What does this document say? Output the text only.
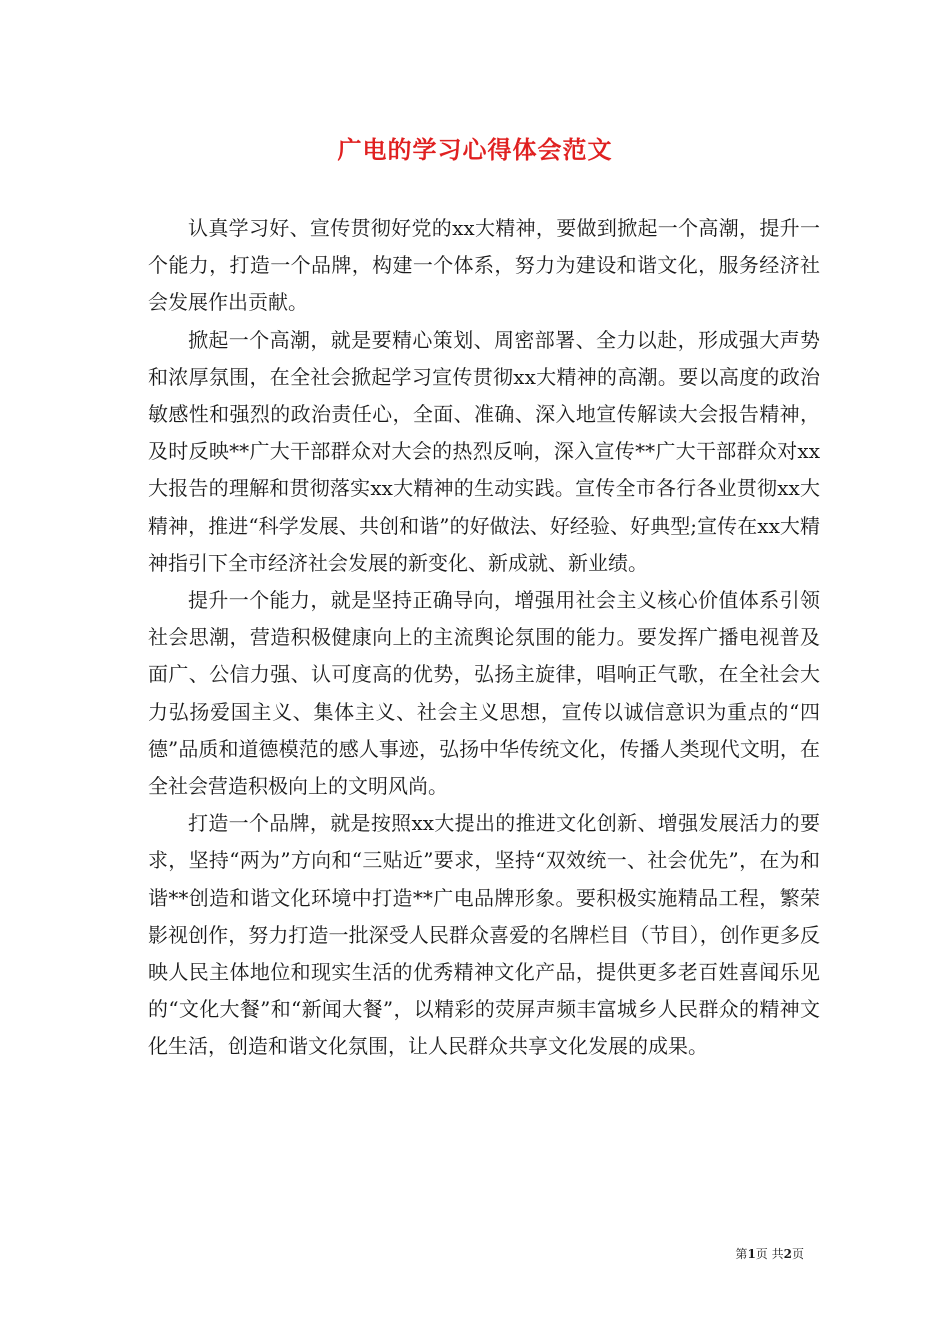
广电的学习心得体会范文

认真学习好、宣传贯彻好党的xx大精神，要做到掀起一个高潮，提升一个能力，打造一个品牌，构建一个体系，努力为建设和谐文化，服务经济社会发展作出贡献。

掀起一个高潮，就是要精心策划、周密部署、全力以赴，形成强大声势和浓厚氛围，在全社会掀起学习宣传贯彻xx大精神的高潮。要以高度的政治敏感性和强烈的政治责任心，全面、准确、深入地宣传解读大会报告精神，及时反映**广大干部群众对大会的热烈反响，深入宣传**广大干部群众对xx大报告的理解和贯彻落实xx大精神的生动实践。宣传全市各行各业贯彻xx大精神，推进“科学发展、共创和谐”的好做法、好经验、好典型;宣传在xx大精神指引下全市经济社会发展的新变化、新成就、新业绩。

提升一个能力，就是坚持正确导向，增强用社会主义核心价值体系引领社会思潮，营造积极健康向上的主流舆论氛围的能力。要发挥广播电视普及面广、公信力强、认可度高的优势，弘扬主旋律，唱响正气歌，在全社会大力弘扬爱国主义、集体主义、社会主义思想，宣传以诚信意识为重点的“四德”品质和道德模范的感人事迹，弘扬中华传统文化，传播人类现代文明，在全社会营造积极向上的文明风尚。

打造一个品牌，就是按照xx大提出的推进文化创新、增强发展活力的要求，坚持“两为”方向和“三贴近”要求，坚持“双效统一、社会优先”，在为和谐**创造和谐文化环境中打造**广电品牌形象。要积极实施精品工程，繁荣影视创作，努力打造一批深受人民群众喜爱的名牌栏目（节目），创作更多反映人民主体地位和现实生活的优秀精神文化产品，提供更多老百姓喜闻乐见的“文化大餐”和“新闻大餐”，以精彩的荧屏声频丰富城乡人民群众的精神文化生活，创造和谐文化氛围，让人民群众共享文化发展的成果。

第1页 共2页
